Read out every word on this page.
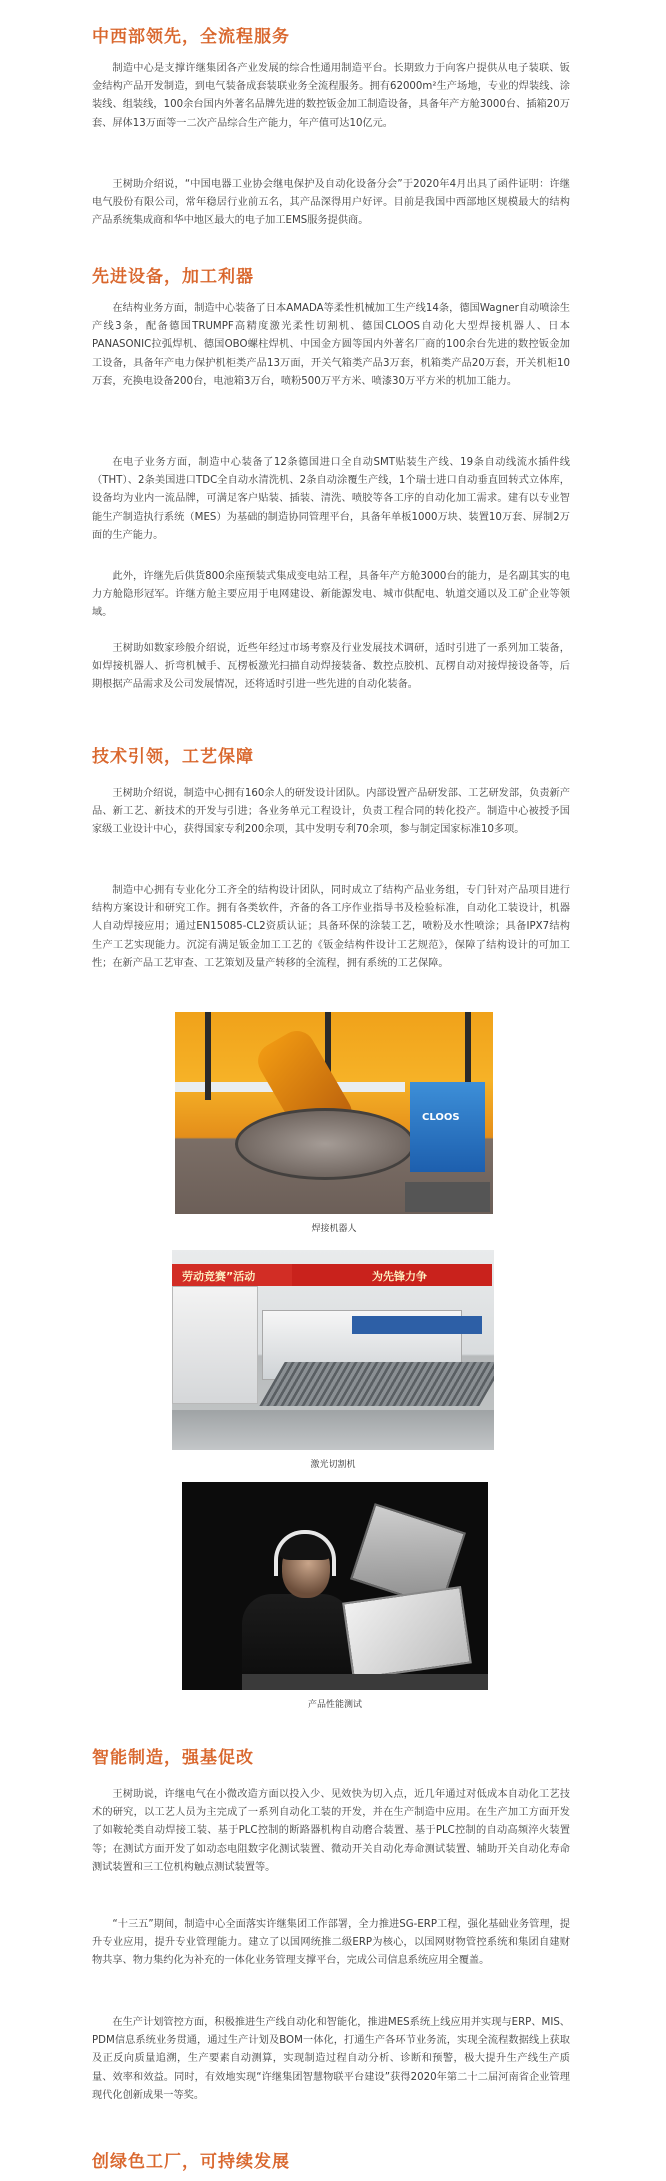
中西部领先，全流程服务

制造中心是支撑许继集团各产业发展的综合性通用制造平台。长期致力于向客户提供从电子装联、钣金结构产品开发制造，到电气装备成套装联业务全流程服务。拥有62000m²生产场地，专业的焊装线、涂装线、组装线，100余台国内外著名品牌先进的数控钣金加工制造设备，具备年产方舱3000台、插箱20万套、屏体13万面等一二次产品综合生产能力，年产值可达10亿元。

王树助介绍说，“中国电器工业协会继电保护及自动化设备分会”于2020年4月出具了函件证明：许继电气股份有限公司，常年稳居行业前五名，其产品深得用户好评。目前是我国中西部地区规模最大的结构产品系统集成商和华中地区最大的电子加工EMS服务提供商。

先进设备，加工利器

在结构业务方面，制造中心装备了日本AMADA等柔性机械加工生产线14条，德国Wagner自动喷涂生产线3条，配备德国TRUMPF高精度激光柔性切割机、德国CLOOS自动化大型焊接机器人、日本PANASONIC拉弧焊机、德国OBO螺柱焊机、中国金方圆等国内外著名厂商的100余台先进的数控钣金加工设备，具备年产电力保护机柜类产品13万面，开关气箱类产品3万套，机箱类产品20万套，开关机柜10万套，充换电设备200台，电池箱3万台，喷粉500万平方米、喷漆30万平方米的机加工能力。

在电子业务方面，制造中心装备了12条德国进口全自动SMT贴装生产线、19条自动线流水插件线（THT）、2条美国进口TDC全自动水清洗机、2条自动涂覆生产线，1个瑞士进口自动垂直回转式立体库，设备均为业内一流品牌，可满足客户贴装、插装、清洗、喷胶等各工序的自动化加工需求。建有以专业智能生产制造执行系统（MES）为基础的制造协同管理平台，具备年单板1000万块、装置10万套、屏制2万面的生产能力。

此外，许继先后供货800余座预装式集成变电站工程，具备年产方舱3000台的能力，是名副其实的电力方舱隐形冠军。许继方舱主要应用于电网建设、新能源发电、城市供配电、轨道交通以及工矿企业等领域。

王树助如数家珍般介绍说，近些年经过市场考察及行业发展技术调研，适时引进了一系列加工装备，如焊接机器人、折弯机械手、瓦楞板激光扫描自动焊接装备、数控点胶机、瓦楞自动对接焊接设备等，后期根据产品需求及公司发展情况，还将适时引进一些先进的自动化装备。

技术引领，工艺保障

王树助介绍说，制造中心拥有160余人的研发设计团队。内部设置产品研发部、工艺研发部，负责新产品、新工艺、新技术的开发与引进；各业务单元工程设计，负责工程合同的转化投产。制造中心被授予国家级工业设计中心，获得国家专利200余项，其中发明专利70余项，参与制定国家标准10多项。

制造中心拥有专业化分工齐全的结构设计团队，同时成立了结构产品业务组，专门针对产品项目进行结构方案设计和研究工作。拥有各类软件，齐备的各工序作业指导书及检验标准，自动化工装设计，机器人自动焊接应用；通过EN15085-CL2资质认证；具备环保的涂装工艺，喷粉及水性喷涂；具备IPX7结构生产工艺实现能力。沉淀有满足钣金加工工艺的《钣金结构件设计工艺规范》，保障了结构设计的可加工性；在新产品工艺审查、工艺策划及量产转移的全流程，拥有系统的工艺保障。

CLOOS
焊接机器人
劳动竞赛”活动	为先锋力争
激光切割机
产品性能测试
智能制造，强基促改

王树助说，许继电气在小微改造方面以投入少、见效快为切入点，近几年通过对低成本自动化工艺技术的研究，以工艺人员为主完成了一系列自动化工装的开发，并在生产制造中应用。在生产加工方面开发了如鞍轮类自动焊接工装、基于PLC控制的断路器机构自动磨合装置、基于PLC控制的自动高频淬火装置等；在测试方面开发了如动态电阻数字化测试装置、微动开关自动化寿命测试装置、辅助开关自动化寿命测试装置和三工位机构触点测试装置等。

“十三五”期间，制造中心全面落实许继集团工作部署，全力推进SG-ERP工程，强化基础业务管理，提升专业应用，提升专业管理能力。建立了以国网统推二级ERP为核心，以国网财物管控系统和集团自建财物共享、物力集约化为补充的一体化业务管理支撑平台，完成公司信息系统应用全覆盖。

在生产计划管控方面，积极推进生产线自动化和智能化，推进MES系统上线应用并实现与ERP、MIS、PDM信息系统业务贯通，通过生产计划及BOM一体化，打通生产各环节业务流，实现全流程数据线上获取及正反向质量追溯，生产要素自动测算，实现制造过程自动分析、诊断和预警，极大提升生产线生产质量、效率和效益。同时，有效地实现“许继集团智慧物联平台建设”获得2020年第二十二届河南省企业管理现代化创新成果一等奖。

创绿色工厂，可持续发展
